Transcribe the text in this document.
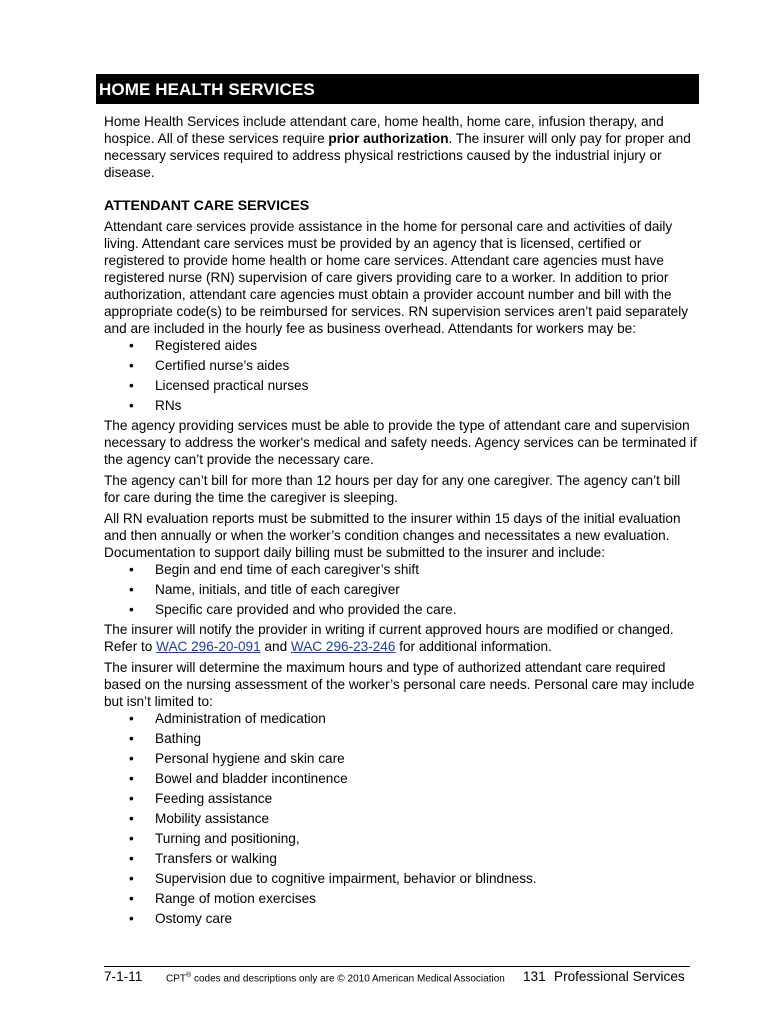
HOME HEALTH SERVICES

Home Health Services include attendant care, home health, home care, infusion therapy, and hospice. All of these services require prior authorization. The insurer will only pay for proper and necessary services required to address physical restrictions caused by the industrial injury or disease.

ATTENDANT CARE SERVICES

Attendant care services provide assistance in the home for personal care and activities of daily living. Attendant care services must be provided by an agency that is licensed, certified or registered to provide home health or home care services. Attendant care agencies must have registered nurse (RN) supervision of care givers providing care to a worker. In addition to prior authorization, attendant care agencies must obtain a provider account number and bill with the appropriate code(s) to be reimbursed for services. RN supervision services aren’t paid separately and are included in the hourly fee as business overhead. Attendants for workers may be:

• Registered aides
• Certified nurse’s aides
• Licensed practical nurses
• RNs

The agency providing services must be able to provide the type of attendant care and supervision necessary to address the worker's medical and safety needs. Agency services can be terminated if the agency can’t provide the necessary care.

The agency can’t bill for more than 12 hours per day for any one caregiver. The agency can’t bill for care during the time the caregiver is sleeping.

All RN evaluation reports must be submitted to the insurer within 15 days of the initial evaluation and then annually or when the worker’s condition changes and necessitates a new evaluation. Documentation to support daily billing must be submitted to the insurer and include:

• Begin and end time of each caregiver’s shift
• Name, initials, and title of each caregiver
• Specific care provided and who provided the care.

The insurer will notify the provider in writing if current approved hours are modified or changed. Refer to WAC 296-20-091 and WAC 296-23-246 for additional information.

The insurer will determine the maximum hours and type of authorized attendant care required based on the nursing assessment of the worker’s personal care needs. Personal care may include but isn’t limited to:

• Administration of medication
• Bathing
• Personal hygiene and skin care
• Bowel and bladder incontinence
• Feeding assistance
• Mobility assistance
• Turning and positioning,
• Transfers or walking
• Supervision due to cognitive impairment, behavior or blindness.
• Range of motion exercises
• Ostomy care
7-1-11 CPT® codes and descriptions only are © 2010 American Medical Association 131 Professional Services
